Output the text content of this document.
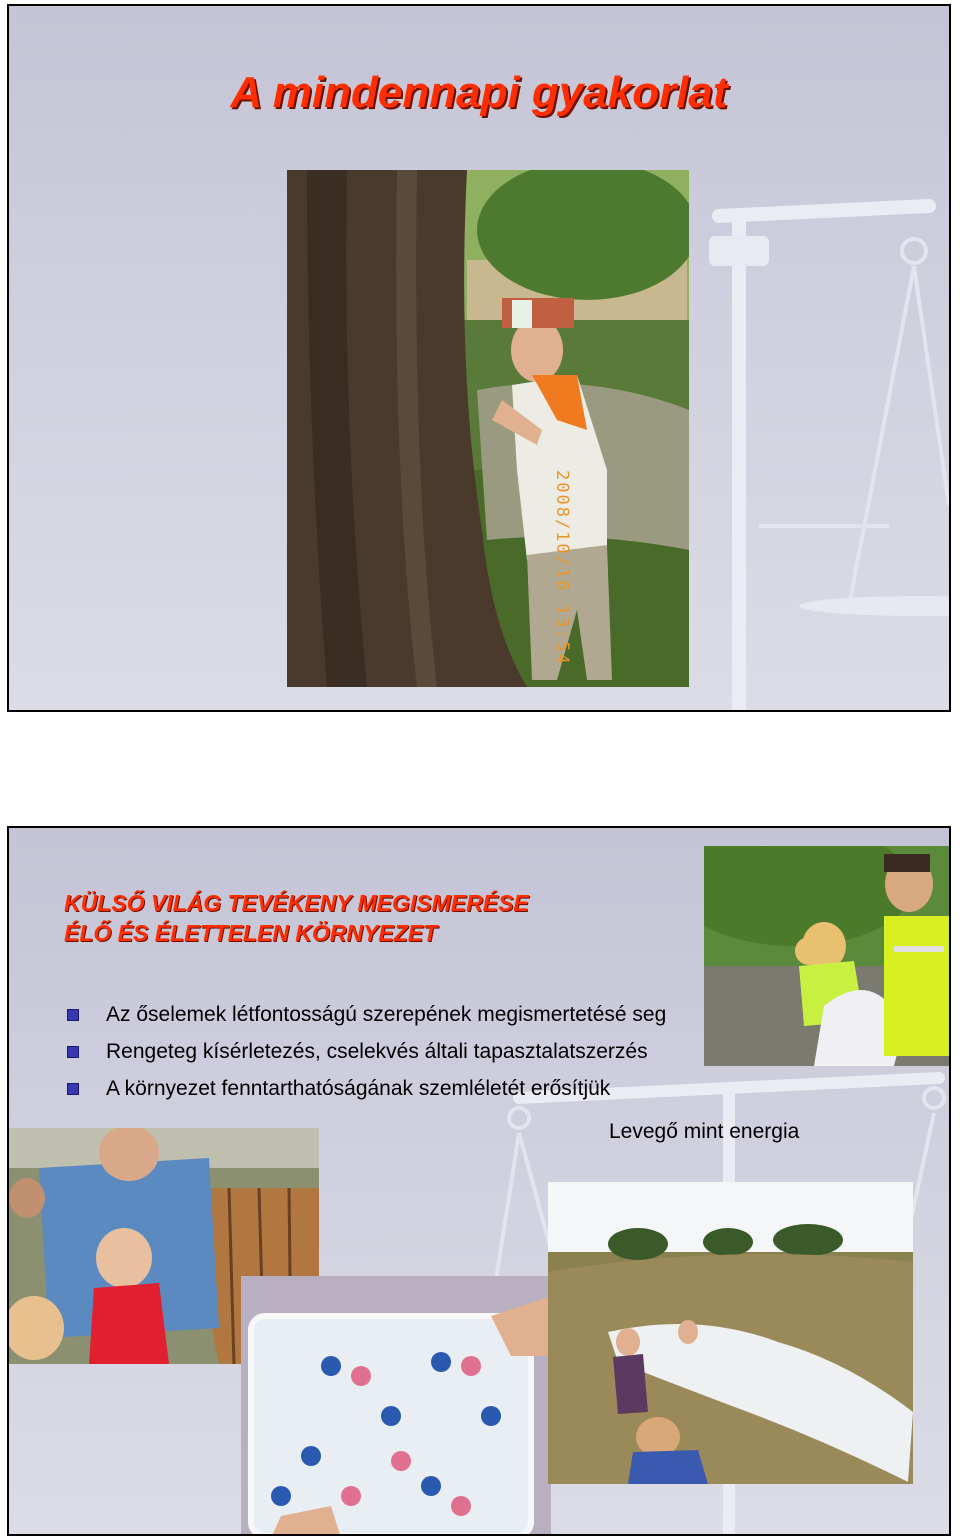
A mindennapi gyakorlat
2008/10/16 13:54
KÜLSŐ VILÁG TEVÉKENY MEGISMERÉSE
ÉLŐ ÉS ÉLETTELEN KÖRNYEZET
Az őselemek létfontosságú szerepének megismertetésé seg
Rengeteg kísérletezés, cselekvés általi tapasztalatszerzés
A környezet fenntarthatóságának szemléletét erősítjük
Levegő mint energia
